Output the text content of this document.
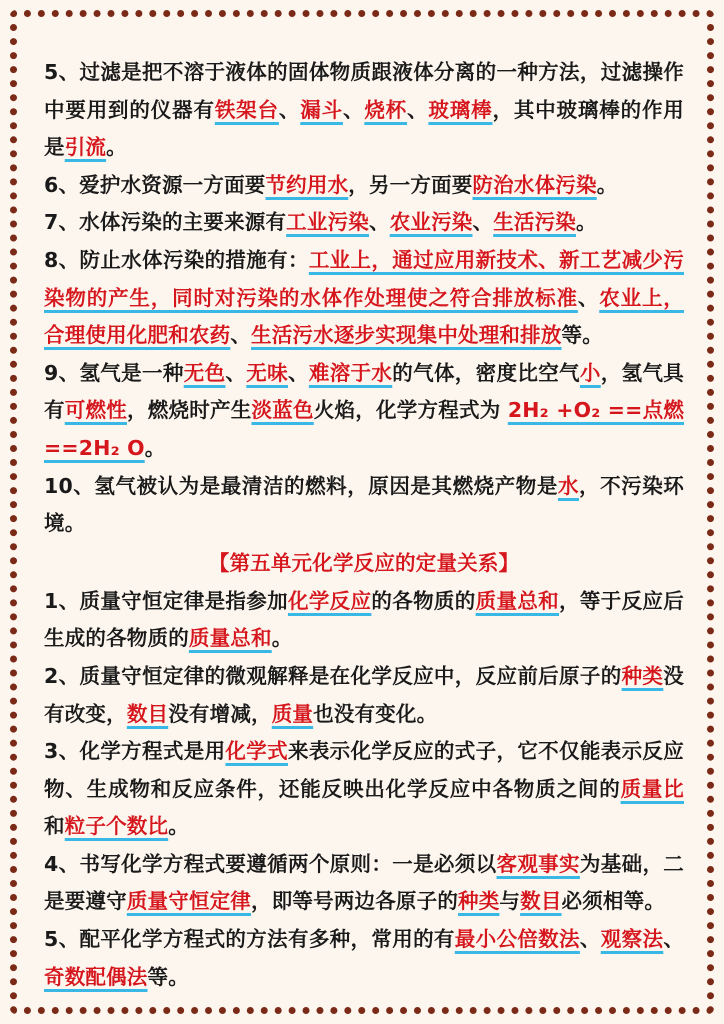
5、过滤是把不溶于液体的固体物质跟液体分离的一种方法，过滤操作中要用到的仪器有铁架台、漏斗、烧杯、玻璃棒，其中玻璃棒的作用是引流。

6、爱护水资源一方面要节约用水，另一方面要防治水体污染。

7、水体污染的主要来源有工业污染、农业污染、生活污染。

8、防止水体污染的措施有：工业上，通过应用新技术、新工艺减少污染物的产生，同时对污染的水体作处理使之符合排放标准、农业上，合理使用化肥和农药、生活污水逐步实现集中处理和排放等。

9、氢气是一种无色、无味、难溶于水的气体，密度比空气小，氢气具有可燃性，燃烧时产生淡蓝色火焰，化学方程式为 2H₂ +O₂ ==点燃==2H₂ O。

10、氢气被认为是最清洁的燃料，原因是其燃烧产物是水，不污染环境。

【第五单元化学反应的定量关系】

1、质量守恒定律是指参加化学反应的各物质的质量总和，等于反应后生成的各物质的质量总和。

2、质量守恒定律的微观解释是在化学反应中，反应前后原子的种类没有改变，数目没有增减，质量也没有变化。

3、化学方程式是用化学式来表示化学反应的式子，它不仅能表示反应物、生成物和反应条件，还能反映出化学反应中各物质之间的质量比和粒子个数比。

4、书写化学方程式要遵循两个原则：一是必须以客观事实为基础，二是要遵守质量守恒定律，即等号两边各原子的种类与数目必须相等。

5、配平化学方程式的方法有多种，常用的有最小公倍数法、观察法、奇数配偶法等。
